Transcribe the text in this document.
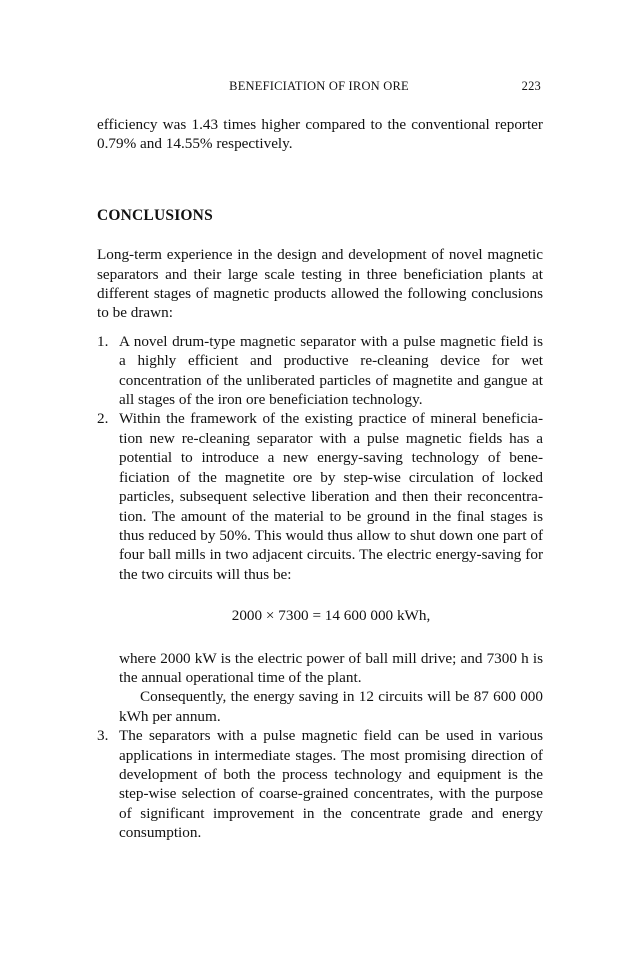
BENEFICIATION OF IRON ORE	223

efficiency was 1.43 times higher compared to the conventional reporter 0.79% and 14.55% respectively.

CONCLUSIONS

Long-term experience in the design and development of novel magnetic separators and their large scale testing in three beneficiation plants at different stages of magnetic products allowed the following conclusions to be drawn:

1. A novel drum-type magnetic separator with a pulse magnetic field is a highly efficient and productive re-cleaning device for wet concentration of the unliberated particles of magnetite and gangue at all stages of the iron ore beneficiation technology.

2. Within the framework of the existing practice of mineral beneficiation new re-cleaning separator with a pulse magnetic fields has a potential to introduce a new energy-saving technology of beneficiation of the magnetite ore by step-wise circulation of locked particles, subsequent selective liberation and then their reconcentration. The amount of the material to be ground in the final stages is thus reduced by 50%. This would thus allow to shut down one part of four ball mills in two adjacent circuits. The electric energy-saving for the two circuits will thus be:

2000 × 7300 = 14 600 000 kWh,

where 2000 kW is the electric power of ball mill drive; and 7300 h is the annual operational time of the plant.

Consequently, the energy saving in 12 circuits will be 87 600 000 kWh per annum.

3. The separators with a pulse magnetic field can be used in various applications in intermediate stages. The most promising direction of development of both the process technology and equipment is the step-wise selection of coarse-grained concentrates, with the purpose of significant improvement in the concentrate grade and energy consumption.
